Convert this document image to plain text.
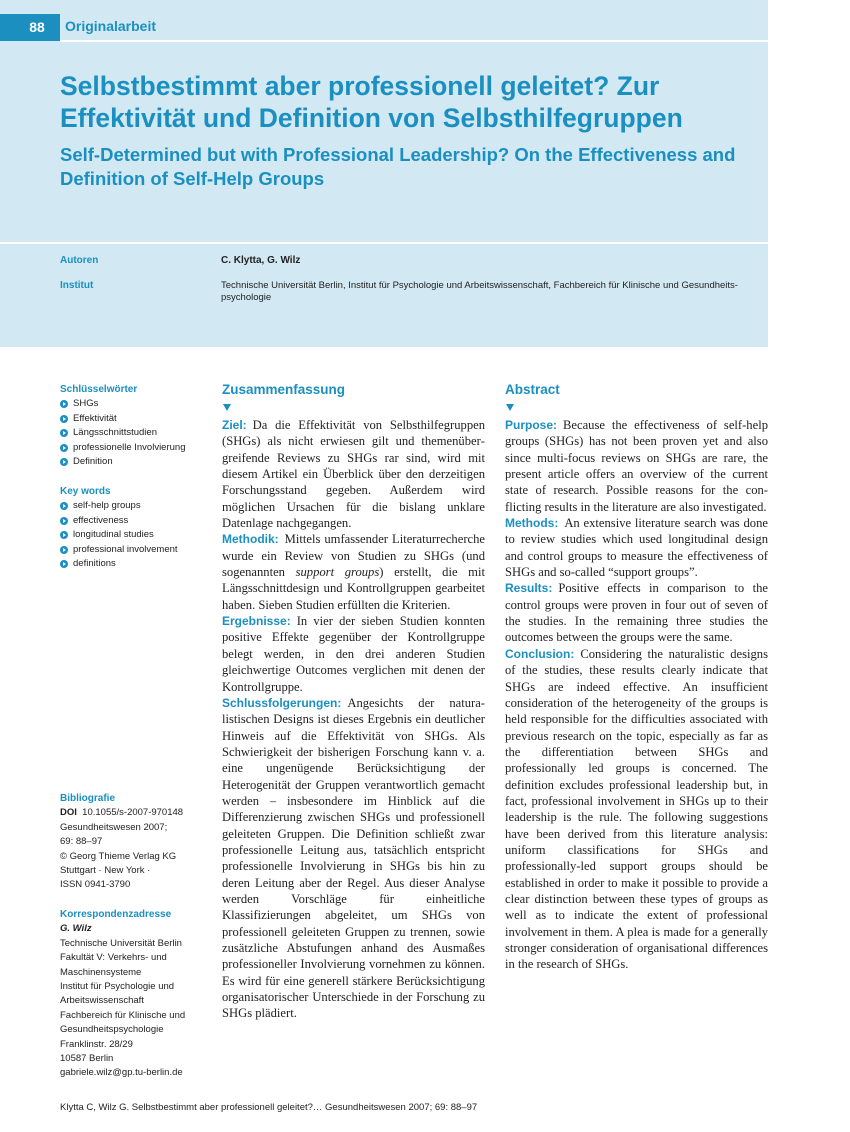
88	Originalarbeit
Selbstbestimmt aber professionell geleitet? Zur Effektivität und Definition von Selbsthilfegruppen
Self-Determined but with Professional Leadership? On the Effectiveness and Definition of Self-Help Groups
Autoren	C. Klytta, G. Wilz
Institut	Technische Universität Berlin, Institut für Psychologie und Arbeitswissenschaft, Fachbereich für Klinische und Gesundheitspsychologie
Schlüsselwörter
SHGs
Effektivität
Längsschnittstudien
professionelle Involvierung
Definition
Key words
self-help groups
effectiveness
longitudinal studies
professional involvement
definitions
Bibliografie
DOI 10.1055/s-2007-970148
Gesundheitswesen 2007;
69: 88–97
© Georg Thieme Verlag KG
Stuttgart · New York ·
ISSN 0941-3790
Korrespondenzadresse
G. Wilz
Technische Universität Berlin
Fakultät V: Verkehrs- und
Maschinensysteme
Institut für Psychologie und
Arbeitswissenschaft
Fachbereich für Klinische und
Gesundheitspsychologie
Franklinstr. 28/29
10587 Berlin
gabriele.wilz@gp.tu-berlin.de
Zusammenfassung

Ziel: Da die Effektivität von Selbsthilfegruppen (SHGs) als nicht erwiesen gilt und themenübergreifende Reviews zu SHGs rar sind, wird mit diesem Artikel ein Überblick über den derzeitigen Forschungsstand gegeben. Außerdem wird möglichen Ursachen für die bislang unklare Datenlage nachgegangen.

Methodik: Mittels umfassender Literaturrecherche wurde ein Review von Studien zu SHGs (und sogenannten support groups) erstellt, die mit Längsschnittdesign und Kontrollgruppen gearbeitet haben. Sieben Studien erfüllten die Kriterien.

Ergebnisse: In vier der sieben Studien konnten positive Effekte gegenüber der Kontrollgruppe belegt werden, in den drei anderen Studien gleichwertige Outcomes verglichen mit denen der Kontrollgruppe.

Schlussfolgerungen: Angesichts der naturalistischen Designs ist dieses Ergebnis ein deutlicher Hinweis auf die Effektivität von SHGs. Als Schwierigkeit der bisherigen Forschung kann v. a. eine ungenügende Berücksichtigung der Heterogenität der Gruppen verantwortlich gemacht werden – insbesondere im Hinblick auf die Differenzierung zwischen SHGs und professionell geleiteten Gruppen. Die Definition schließt zwar professionelle Leitung aus, tatsächlich entspricht professionelle Involvierung in SHGs bis hin zu deren Leitung aber der Regel. Aus dieser Analyse werden Vorschläge für einheitliche Klassifizierungen abgeleitet, um SHGs von professionell geleiteten Gruppen zu trennen, sowie zusätzliche Abstufungen anhand des Ausmaßes professioneller Involvierung vornehmen zu können. Es wird für eine generell stärkere Berücksichtigung organisatorischer Unterschiede in der Forschung zu SHGs plädiert.

Abstract

Purpose: Because the effectiveness of self-help groups (SHGs) has not been proven yet and also since multi-focus reviews on SHGs are rare, the present article offers an overview of the current state of research. Possible reasons for the conflicting results in the literature are also investigated.

Methods: An extensive literature search was done to review studies which used longitudinal design and control groups to measure the effectiveness of SHGs and so-called “support groups”.

Results: Positive effects in comparison to the control groups were proven in four out of seven of the studies. In the remaining three studies the outcomes between the groups were the same.

Conclusion: Considering the naturalistic designs of the studies, these results clearly indicate that SHGs are indeed effective. An insufficient consideration of the heterogeneity of the groups is held responsible for the difficulties associated with previous research on the topic, especially as far as the differentiation between SHGs and professionally led groups is concerned. The definition excludes professional leadership but, in fact, professional involvement in SHGs up to their leadership is the rule. The following suggestions have been derived from this literature analysis: uniform classifications for SHGs and professionally-led support groups should be established in order to make it possible to provide a clear distinction between these types of groups as well as to indicate the extent of professional involvement in them. A plea is made for a generally stronger consideration of organisational differences in the research of SHGs.

Klytta C, Wilz G. Selbstbestimmt aber professionell geleitet?… Gesundheitswesen 2007; 69: 88–97
